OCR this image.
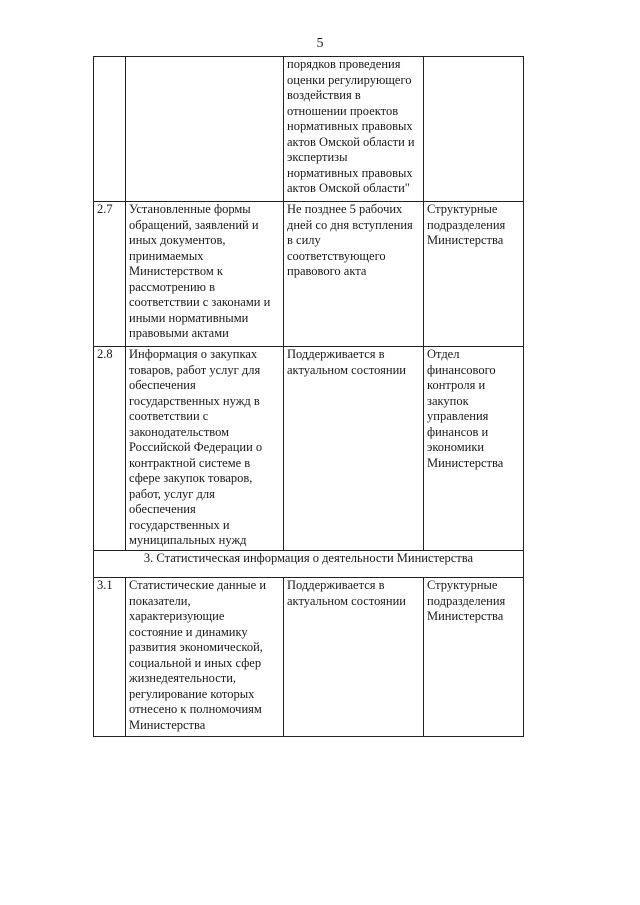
5
		порядков проведения оценки регулирующего воздействия в отношении проектов нормативных правовых актов Омской области и экспертизы нормативных правовых актов Омской области"	
2.7	Установленные формы обращений, заявлений и иных документов, принимаемых Министерством к рассмотрению в соответствии с законами и иными нормативными правовыми актами	Не позднее 5 рабочих дней со дня вступления в силу соответствующего правового акта	Структурные подразделения Министерства
2.8	Информация о закупках товаров, работ услуг для обеспечения государственных нужд в соответствии с законодательством Российской Федерации о контрактной системе в сфере закупок товаров, работ, услуг для обеспечения государственных и муниципальных нужд	Поддерживается в актуальном состоянии	Отдел финансового контроля и закупок управления финансов и экономики Министерства
3. Статистическая информация о деятельности Министерства			
3.1	Статистические данные и показатели, характеризующие состояние и динамику развития экономической, социальной и иных сфер жизнедеятельности, регулирование которых отнесено к полномочиям Министерства	Поддерживается в актуальном состоянии	Структурные подразделения Министерства
